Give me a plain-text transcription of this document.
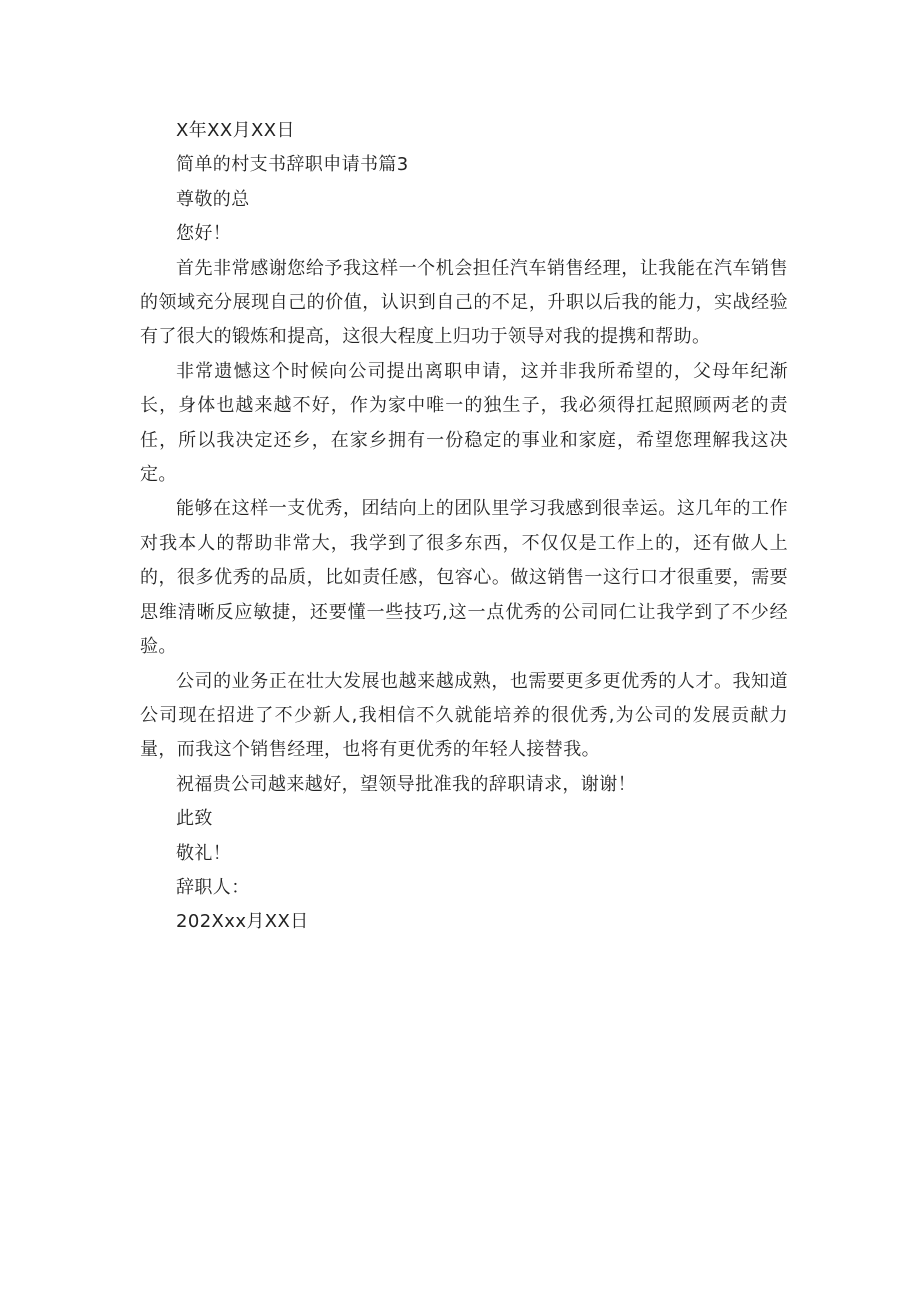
X年XX月XX日

简单的村支书辞职申请书篇3

尊敬的总

您好！

首先非常感谢您给予我这样一个机会担任汽车销售经理，让我能在汽车销售的领域充分展现自己的价值，认识到自己的不足，升职以后我的能力，实战经验有了很大的锻炼和提高，这很大程度上归功于领导对我的提携和帮助。

非常遗憾这个时候向公司提出离职申请，这并非我所希望的，父母年纪渐长，身体也越来越不好，作为家中唯一的独生子，我必须得扛起照顾两老的责任，所以我决定还乡，在家乡拥有一份稳定的事业和家庭，希望您理解我这决定。

能够在这样一支优秀，团结向上的团队里学习我感到很幸运。这几年的工作对我本人的帮助非常大，我学到了很多东西，不仅仅是工作上的，还有做人上的，很多优秀的品质，比如责任感，包容心。做这销售一这行口才很重要，需要思维清晰反应敏捷，还要懂一些技巧,这一点优秀的公司同仁让我学到了不少经验。

公司的业务正在壮大发展也越来越成熟，也需要更多更优秀的人才。我知道公司现在招进了不少新人,我相信不久就能培养的很优秀,为公司的发展贡献力量，而我这个销售经理，也将有更优秀的年轻人接替我。

祝福贵公司越来越好，望领导批准我的辞职请求，谢谢！

此致

敬礼！

辞职人：

202Xxx月XX日
